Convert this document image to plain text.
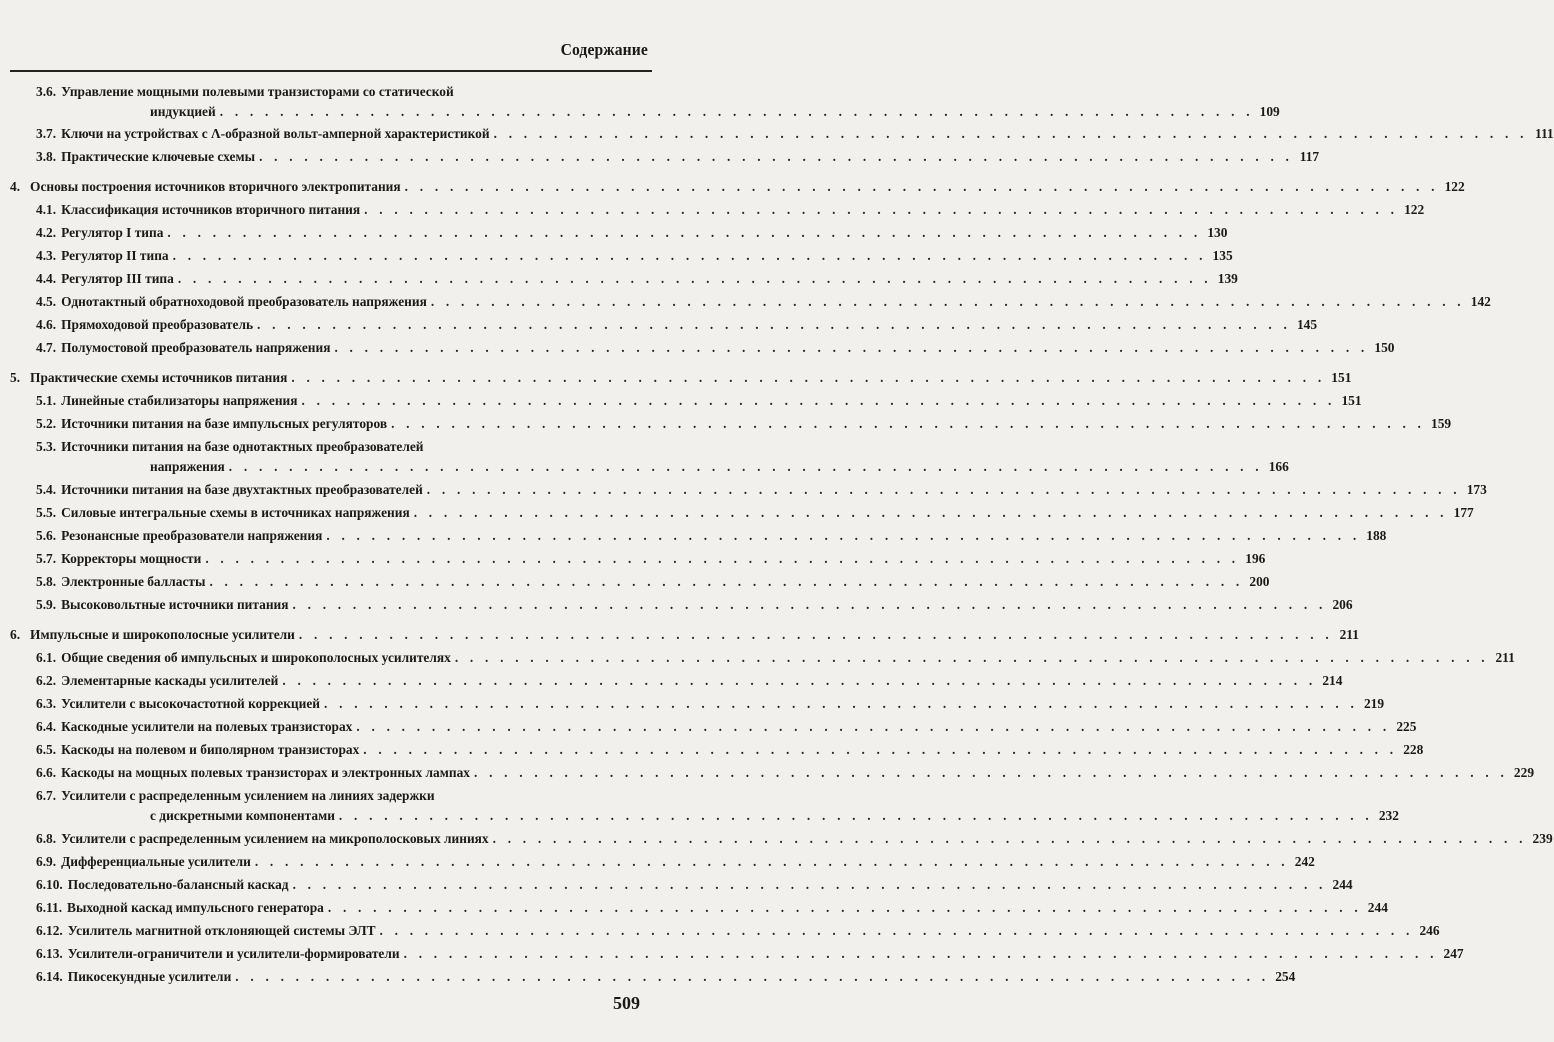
Содержание
3.6. Управление мощными полевыми транзисторами со статической
индукцией . . . . . . . . . . . . . . . . . . . . . . . . . . . . . . . . . . . . . . . . . . . . . . . . . . . . . . . . . . . . . . . . . . . . . 109
3.7. Ключи на устройствах с Λ-образной вольт-амперной характеристикой . . . . . . . . . . . . . . . . . . . . . . . . . . . . . . . . . . . . . . . . . . . . . . . . . . . . . . . . . . . . . . . . . . . . . 111
3.8. Практические ключевые схемы . . . . . . . . . . . . . . . . . . . . . . . . . . . . . . . . . . . . . . . . . . . . . . . . . . . . . . . . . . . . . . . . . . . . . 117
4. Основы построения источников вторичного электропитания . . . . . . . . . . . . . . . . . . . . . . . . . . . . . . . . . . . . . . . . . . . . . . . . . . . . . . . . . . . . . . . . . . . . . 122
4.1. Классификация источников вторичного питания . . . . . . . . . . . . . . . . . . . . . . . . . . . . . . . . . . . . . . . . . . . . . . . . . . . . . . . . . . . . . . . . . . . . . 122
4.2. Регулятор I типа . . . . . . . . . . . . . . . . . . . . . . . . . . . . . . . . . . . . . . . . . . . . . . . . . . . . . . . . . . . . . . . . . . . . . 130
4.3. Регулятор II типа . . . . . . . . . . . . . . . . . . . . . . . . . . . . . . . . . . . . . . . . . . . . . . . . . . . . . . . . . . . . . . . . . . . . . 135
4.4. Регулятор III типа . . . . . . . . . . . . . . . . . . . . . . . . . . . . . . . . . . . . . . . . . . . . . . . . . . . . . . . . . . . . . . . . . . . . . 139
4.5. Однотактный обратноходовой преобразователь напряжения . . . . . . . . . . . . . . . . . . . . . . . . . . . . . . . . . . . . . . . . . . . . . . . . . . . . . . . . . . . . . . . . . . . . . 142
4.6. Прямоходовой преобразователь . . . . . . . . . . . . . . . . . . . . . . . . . . . . . . . . . . . . . . . . . . . . . . . . . . . . . . . . . . . . . . . . . . . . . 145
4.7. Полумостовой преобразователь напряжения . . . . . . . . . . . . . . . . . . . . . . . . . . . . . . . . . . . . . . . . . . . . . . . . . . . . . . . . . . . . . . . . . . . . . 150
5. Практические схемы источников питания . . . . . . . . . . . . . . . . . . . . . . . . . . . . . . . . . . . . . . . . . . . . . . . . . . . . . . . . . . . . . . . . . . . . . 151
5.1. Линейные стабилизаторы напряжения . . . . . . . . . . . . . . . . . . . . . . . . . . . . . . . . . . . . . . . . . . . . . . . . . . . . . . . . . . . . . . . . . . . . . 151
5.2. Источники питания на базе импульсных регуляторов . . . . . . . . . . . . . . . . . . . . . . . . . . . . . . . . . . . . . . . . . . . . . . . . . . . . . . . . . . . . . . . . . . . . . 159
5.3. Источники питания на базе однотактных преобразователей
напряжения . . . . . . . . . . . . . . . . . . . . . . . . . . . . . . . . . . . . . . . . . . . . . . . . . . . . . . . . . . . . . . . . . . . . . 166
5.4. Источники питания на базе двухтактных преобразователей . . . . . . . . . . . . . . . . . . . . . . . . . . . . . . . . . . . . . . . . . . . . . . . . . . . . . . . . . . . . . . . . . . . . . 173
5.5. Силовые интегральные схемы в источниках напряжения . . . . . . . . . . . . . . . . . . . . . . . . . . . . . . . . . . . . . . . . . . . . . . . . . . . . . . . . . . . . . . . . . . . . . 177
5.6. Резонансные преобразователи напряжения . . . . . . . . . . . . . . . . . . . . . . . . . . . . . . . . . . . . . . . . . . . . . . . . . . . . . . . . . . . . . . . . . . . . . 188
5.7. Корректоры мощности . . . . . . . . . . . . . . . . . . . . . . . . . . . . . . . . . . . . . . . . . . . . . . . . . . . . . . . . . . . . . . . . . . . . . 196
5.8. Электронные балласты . . . . . . . . . . . . . . . . . . . . . . . . . . . . . . . . . . . . . . . . . . . . . . . . . . . . . . . . . . . . . . . . . . . . . 200
5.9. Высоковольтные источники питания . . . . . . . . . . . . . . . . . . . . . . . . . . . . . . . . . . . . . . . . . . . . . . . . . . . . . . . . . . . . . . . . . . . . . 206
6. Импульсные и широкополосные усилители . . . . . . . . . . . . . . . . . . . . . . . . . . . . . . . . . . . . . . . . . . . . . . . . . . . . . . . . . . . . . . . . . . . . . 211
6.1. Общие сведения об импульсных и широкополосных усилителях . . . . . . . . . . . . . . . . . . . . . . . . . . . . . . . . . . . . . . . . . . . . . . . . . . . . . . . . . . . . . . . . . . . . . 211
6.2. Элементарные каскады усилителей . . . . . . . . . . . . . . . . . . . . . . . . . . . . . . . . . . . . . . . . . . . . . . . . . . . . . . . . . . . . . . . . . . . . . 214
6.3. Усилители с высокочастотной коррекцией . . . . . . . . . . . . . . . . . . . . . . . . . . . . . . . . . . . . . . . . . . . . . . . . . . . . . . . . . . . . . . . . . . . . . 219
6.4. Каскодные усилители на полевых транзисторах . . . . . . . . . . . . . . . . . . . . . . . . . . . . . . . . . . . . . . . . . . . . . . . . . . . . . . . . . . . . . . . . . . . . . 225
6.5. Каскоды на полевом и биполярном транзисторах . . . . . . . . . . . . . . . . . . . . . . . . . . . . . . . . . . . . . . . . . . . . . . . . . . . . . . . . . . . . . . . . . . . . . 228
6.6. Каскоды на мощных полевых транзисторах и электронных лампах . . . . . . . . . . . . . . . . . . . . . . . . . . . . . . . . . . . . . . . . . . . . . . . . . . . . . . . . . . . . . . . . . . . . . 229
6.7. Усилители с распределенным усилением на линиях задержки
с дискретными компонентами . . . . . . . . . . . . . . . . . . . . . . . . . . . . . . . . . . . . . . . . . . . . . . . . . . . . . . . . . . . . . . . . . . . . . 232
6.8. Усилители с распределенным усилением на микрополосковых линиях . . . . . . . . . . . . . . . . . . . . . . . . . . . . . . . . . . . . . . . . . . . . . . . . . . . . . . . . . . . . . . . . . . . . . 239
6.9. Дифференциальные усилители . . . . . . . . . . . . . . . . . . . . . . . . . . . . . . . . . . . . . . . . . . . . . . . . . . . . . . . . . . . . . . . . . . . . . 242
6.10. Последовательно-балансный каскад . . . . . . . . . . . . . . . . . . . . . . . . . . . . . . . . . . . . . . . . . . . . . . . . . . . . . . . . . . . . . . . . . . . . . 244
6.11. Выходной каскад импульсного генератора . . . . . . . . . . . . . . . . . . . . . . . . . . . . . . . . . . . . . . . . . . . . . . . . . . . . . . . . . . . . . . . . . . . . . 244
6.12. Усилитель магнитной отклоняющей системы ЭЛТ . . . . . . . . . . . . . . . . . . . . . . . . . . . . . . . . . . . . . . . . . . . . . . . . . . . . . . . . . . . . . . . . . . . . . 246
6.13. Усилители-ограничители и усилители-формирователи . . . . . . . . . . . . . . . . . . . . . . . . . . . . . . . . . . . . . . . . . . . . . . . . . . . . . . . . . . . . . . . . . . . . . 247
6.14. Пикосекундные усилители . . . . . . . . . . . . . . . . . . . . . . . . . . . . . . . . . . . . . . . . . . . . . . . . . . . . . . . . . . . . . . . . . . . . . 254
509
